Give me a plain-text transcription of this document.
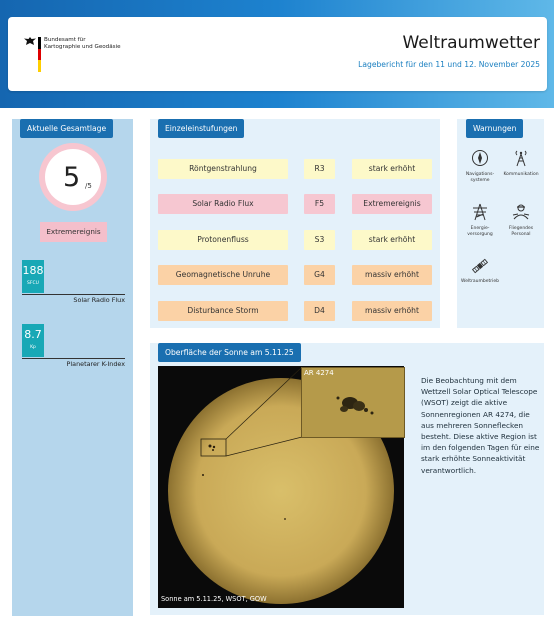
Bundesamt für
Kartographie und Geodäsie	Weltraumwetter
Lagebericht für den 11 und 12. November 2025
Aktuelle Gesamtlage
5 /5
Extremereignis
188
SFCU
Solar Radio Flux
8.7
Kp
Planetarer K-Index
Einzeleinstufungen
Röntgenstrahlung	R3	stark erhöht
Solar Radio Flux	F5	Extremereignis
Protonenfluss	S3	stark erhöht
Geomagnetische Unruhe	G4	massiv erhöht
Disturbance Storm	D4	massiv erhöht
Warnungen
Navigations-
systeme
Kommunikation
Energie-
versorgung
Fliegendes
Personal
Weltraumbetrieb
Oberfläche der Sonne am 5.11.25
AR 4274
Sonne am 5.11.25, WSOT, GOW
Die Beobachtung mit dem Wettzell Solar Optical Telescope (WSOT) zeigt die aktive Sonnenregionen AR 4274, die aus mehreren Sonneflecken besteht. Diese aktive Region ist im den folgenden Tagen für eine stark erhöhte Sonneaktivität verantwortlich.
